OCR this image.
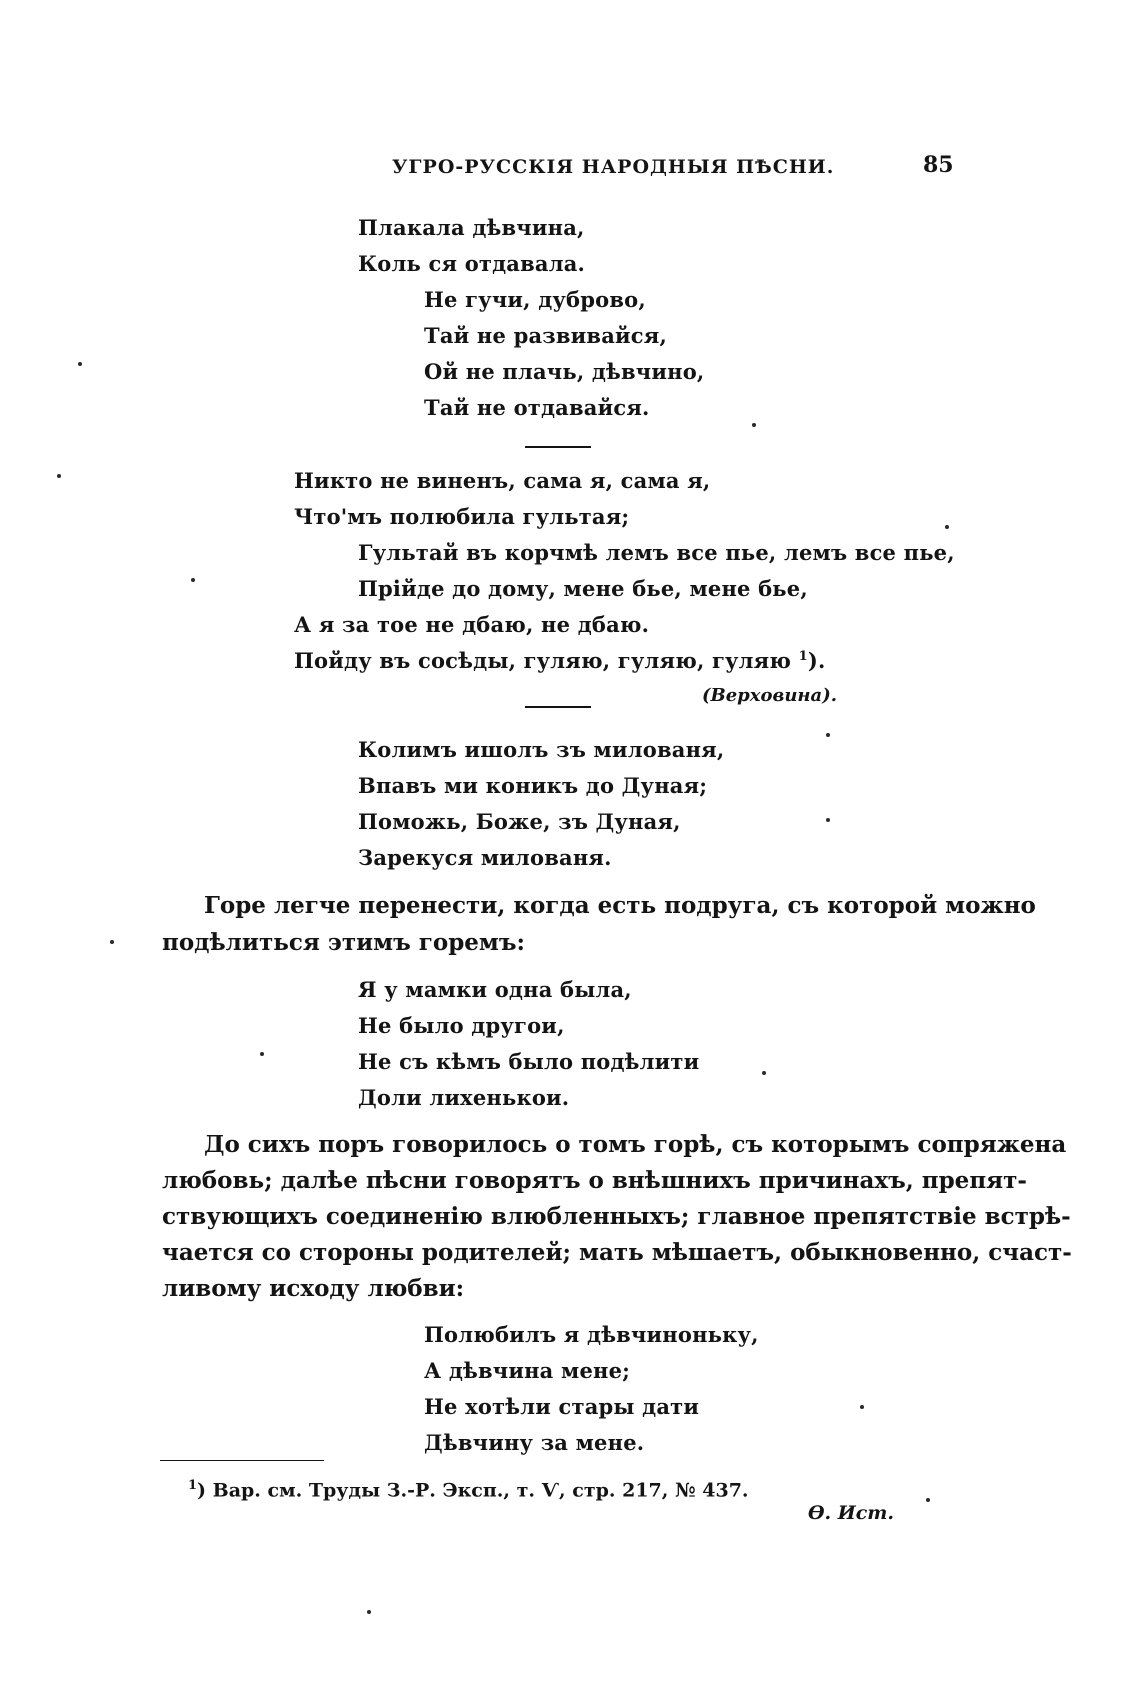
УГРО-РУССКІЯ НАРОДНЫЯ ПѢСНИ.	85
Плакала дѣвчина,
Коль ся отдавала.
Не гучи, дуброво,
Тай не развивайся,
Ой не плачь, дѣвчино,
Тай не отдавайся.
Никто не виненъ, сама я, сама я,
Что'мъ полюбила гультая;
Гультай въ корчмѣ лемъ все пье, лемъ все пье,
Прійде до дому, мене бье, мене бье,
А я за тое не дбаю, не дбаю.
Пойду въ сосѣды, гуляю, гуляю, гуляю $^1$).
(Верховина).
Колимъ ишолъ зъ милованя,
Впавъ ми коникъ до Дуная;
Поможь, Боже, зъ Дуная,
Зарекуся милованя.
Горе легче перенести, когда есть подруга, съ которой можно
подѣлиться этимъ горемъ:
Я у мамки одна была,
Не было другои,
Не съ кѣмъ было подѣлити
Доли лихенькои.
До сихъ поръ говорилось о томъ горѣ, съ которымъ сопряжена
любовь; далѣе пѣсни говорятъ о внѣшнихъ причинахъ, препят-
ствующихъ соединенію влюбленныхъ; главное препятствіе встрѣ-
чается со стороны родителей; мать мѣшаетъ, обыкновенно, счаст-
ливому исходу любви:
Полюбилъ я дѣвчиноньку,
А дѣвчина мене;
Не хотѣли стары дати
Дѣвчину за мене.
$^1$) Вар. см. Труды З.-Р. Эксп., т. Ѵ, стр. 217, № 437.
Ѳ. Ист.
